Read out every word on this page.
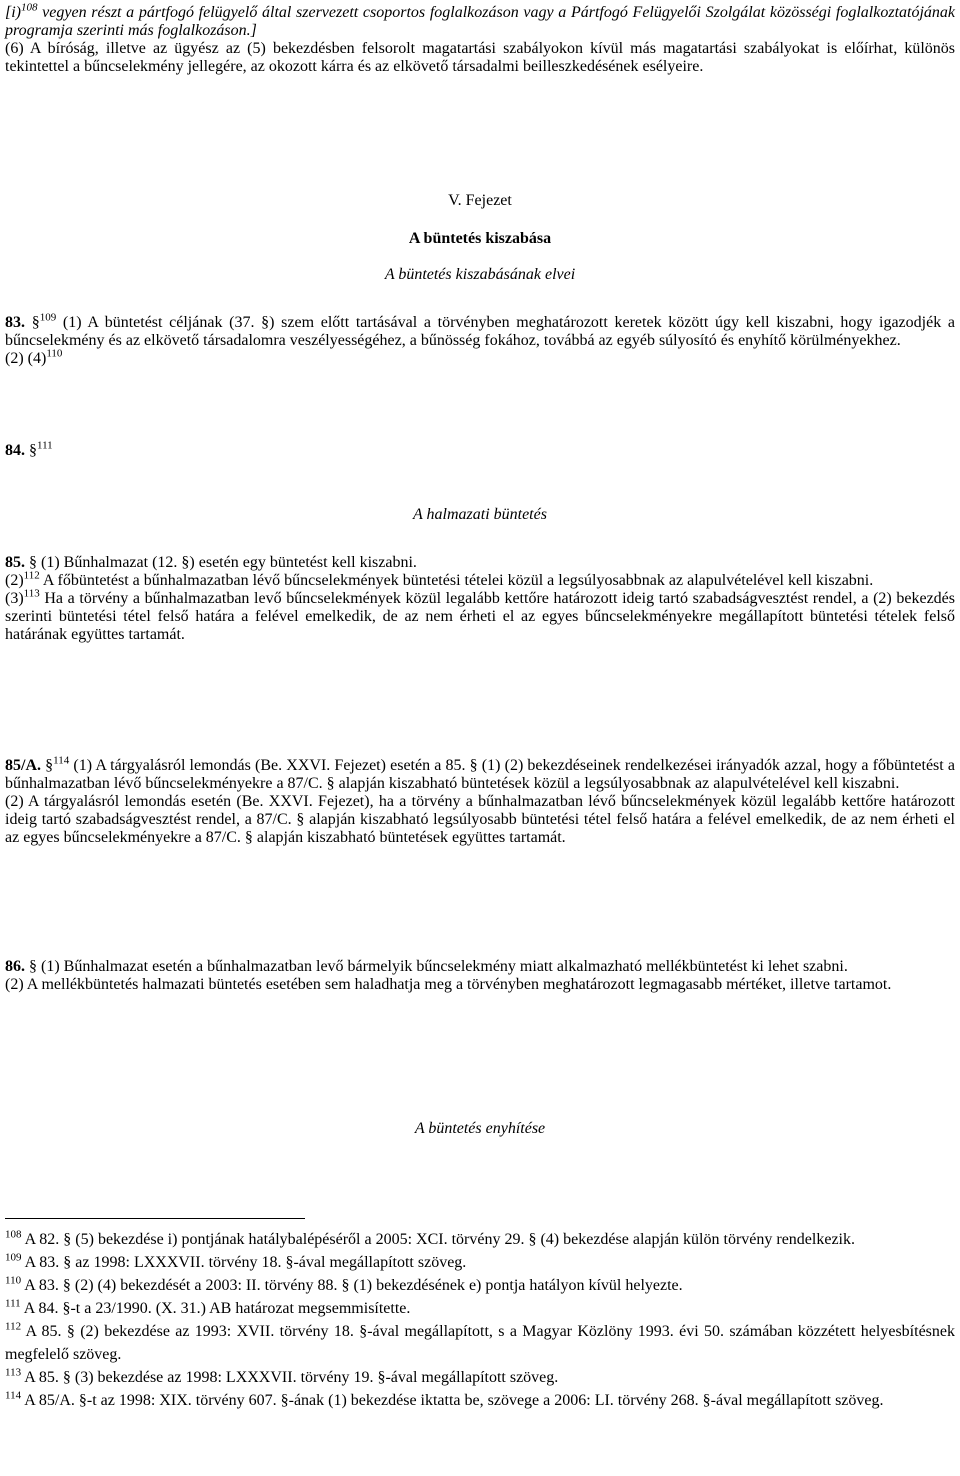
[i)$^{108}$ vegyen részt a pártfogó felügyelő által szervezett csoportos foglalkozáson vagy a Pártfogó Felügyelői Szolgálat közösségi foglalkoztatójának programja szerinti más foglalkozáson.]

(6) A bíróság, illetve az ügyész az (5) bekezdésben felsorolt magatartási szabályokon kívül más magatartási szabályokat is előírhat, különös tekintettel a bűncselekmény jellegére, az okozott kárra és az elkövető társadalmi beilleszkedésének esélyeire.

V. Fejezet
A büntetés kiszabása
A büntetés kiszabásának elvei

83. §$^{109}$ (1) A büntetést céljának (37. §) szem előtt tartásával a törvényben meghatározott keretek között úgy kell kiszabni, hogy igazodjék a bűncselekmény és az elkövető társadalomra veszélyességéhez, a bűnösség fokához, továbbá az egyéb súlyosító és enyhítő körülményekhez.

(2) $(4)^{110}$

84. §$^{111}$

A halmazati büntetés

85. § (1) Bűnhalmazat (12. §) esetén egy büntetést kell kiszabni.

$(2)^{112}$ A főbüntetést a bűnhalmazatban lévő bűncselekmények büntetési tételei közül a legsúlyosabbnak az alapulvételével kell kiszabni.

$(3)^{113}$ Ha a törvény a bűnhalmazatban levő bűncselekmények közül legalább kettőre határozott ideig tartó szabadságvesztést rendel, a (2) bekezdés szerinti büntetési tétel felső határa a felével emelkedik, de az nem érheti el az egyes bűncselekményekre megállapított büntetési tételek felső határának együttes tartamát.

85/A. §$^{114}$ (1) A tárgyalásról lemondás (Be. XXVI. Fejezet) esetén a 85. § (1) (2) bekezdéseinek rendelkezései irányadók azzal, hogy a főbüntetést a bűnhalmazatban lévő bűncselekményekre a 87/C. § alapján kiszabható büntetések közül a legsúlyosabbnak az alapulvételével kell kiszabni.

(2) A tárgyalásról lemondás esetén (Be. XXVI. Fejezet), ha a törvény a bűnhalmazatban lévő bűncselekmények közül legalább kettőre határozott ideig tartó szabadságvesztést rendel, a 87/C. § alapján kiszabható legsúlyosabb büntetési tétel felső határa a felével emelkedik, de az nem érheti el az egyes bűncselekményekre a 87/C. § alapján kiszabható büntetések együttes tartamát.

86. § (1) Bűnhalmazat esetén a bűnhalmazatban levő bármelyik bűncselekmény miatt alkalmazható mellékbüntetést ki lehet szabni.

(2) A mellékbüntetés halmazati büntetés esetében sem haladhatja meg a törvényben meghatározott legmagasabb mértéket, illetve tartamot.

A büntetés enyhítése

$^{108}$ A 82. § (5) bekezdése i) pontjának hatálybalépéséről a 2005: XCI. törvény 29. § (4) bekezdése alapján külön törvény rendelkezik.

$^{109}$ A 83. § az 1998: LXXXVII. törvény 18. §-ával megállapított szöveg.

$^{110}$ A 83. § (2) (4) bekezdését a 2003: II. törvény 88. § (1) bekezdésének e) pontja hatályon kívül helyezte.

$^{111}$ A 84. §-t a 23/1990. (X. 31.) AB határozat megsemmisítette.

$^{112}$ A 85. § (2) bekezdése az 1993: XVII. törvény 18. §-ával megállapított, s a Magyar Közlöny 1993. évi 50. számában közzétett helyesbítésnek megfelelő szöveg.

$^{113}$ A 85. § (3) bekezdése az 1998: LXXXVII. törvény 19. §-ával megállapított szöveg.

$^{114}$ A 85/A. §-t az 1998: XIX. törvény 607. §-ának (1) bekezdése iktatta be, szövege a 2006: LI. törvény 268. §-ával megállapított szöveg.
